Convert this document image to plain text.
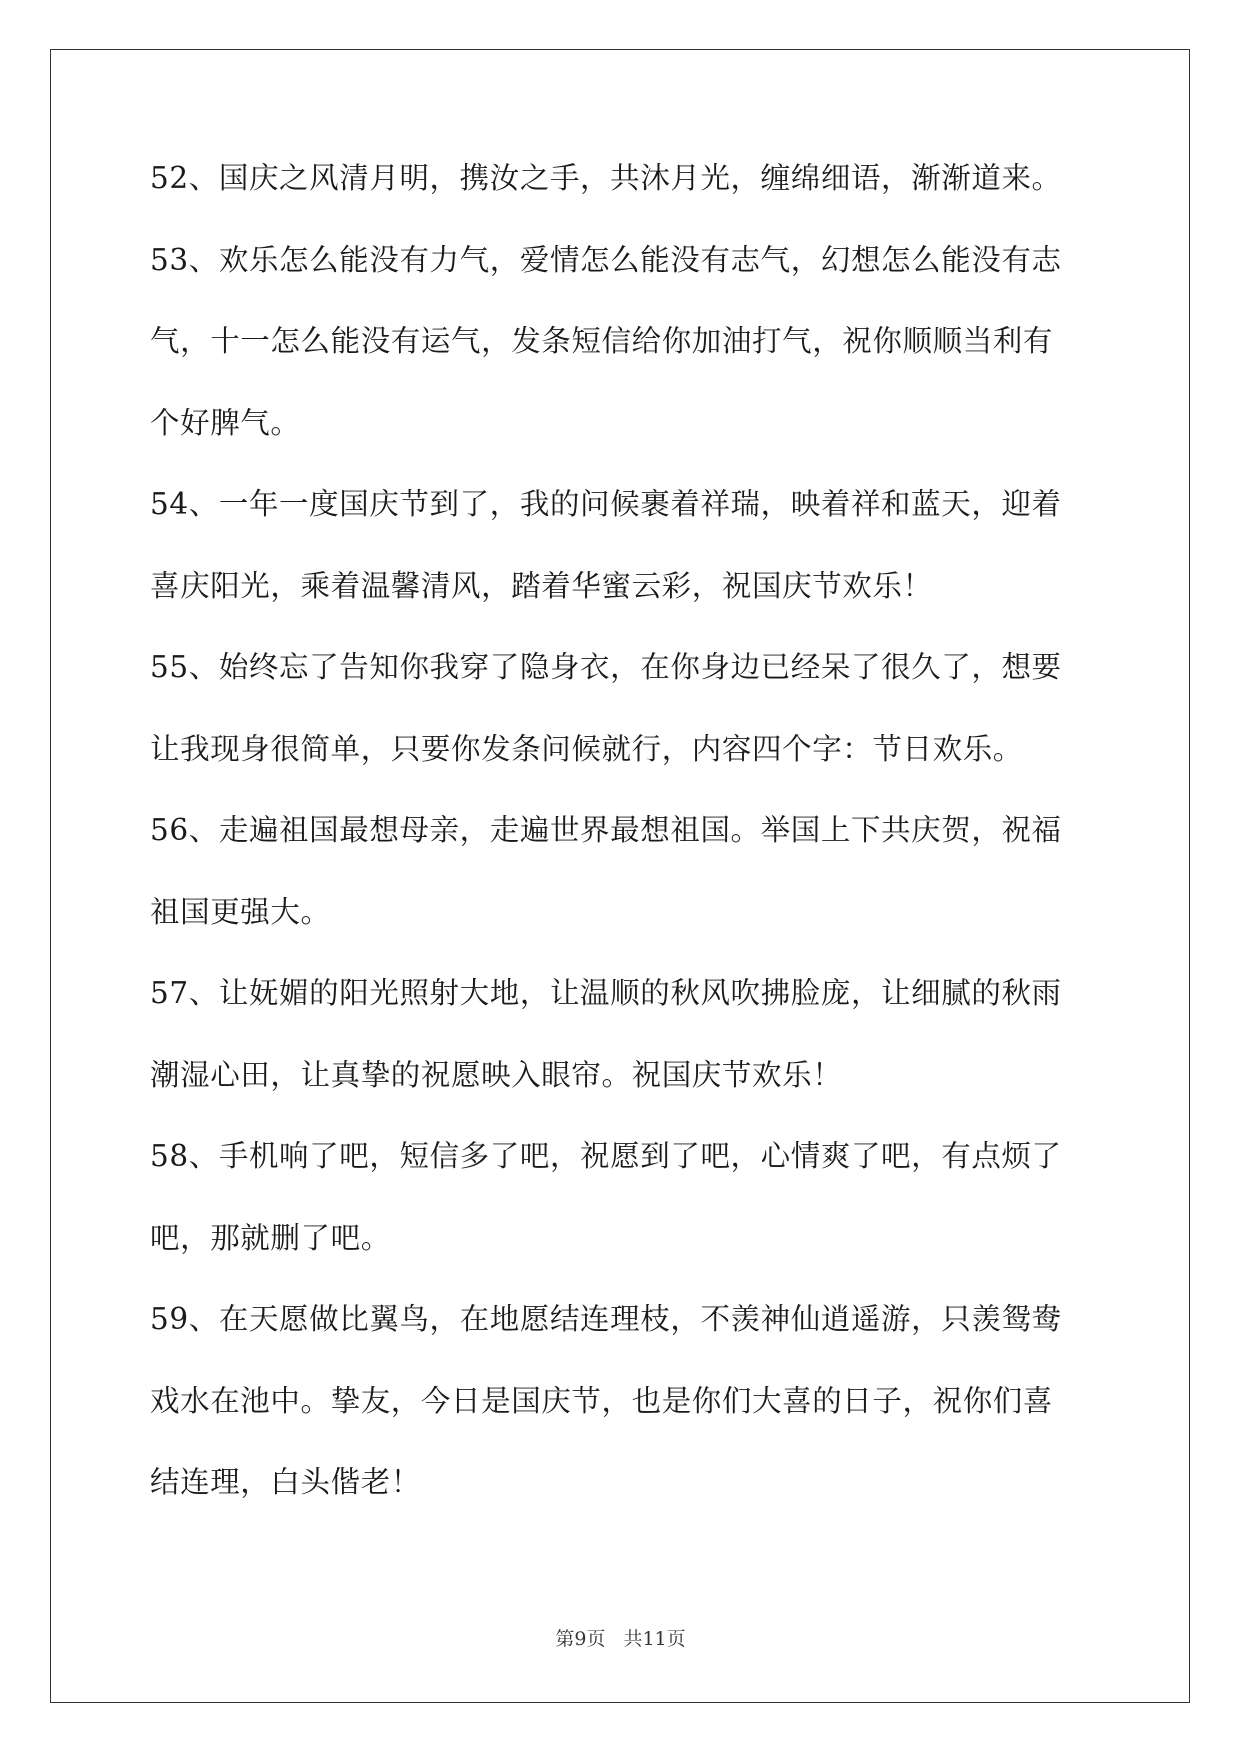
52、国庆之风清月明，携汝之手，共沐月光，缠绵细语，渐渐道来。
53、欢乐怎么能没有力气，爱情怎么能没有志气，幻想怎么能没有志
气，十一怎么能没有运气，发条短信给你加油打气，祝你顺顺当利有
个好脾气。
54、一年一度国庆节到了，我的问候裹着祥瑞，映着祥和蓝天，迎着
喜庆阳光，乘着温馨清风，踏着华蜜云彩，祝国庆节欢乐！
55、始终忘了告知你我穿了隐身衣，在你身边已经呆了很久了，想要
让我现身很简单，只要你发条问候就行，内容四个字：节日欢乐。
56、走遍祖国最想母亲，走遍世界最想祖国。举国上下共庆贺，祝福
祖国更强大。
57、让妩媚的阳光照射大地，让温顺的秋风吹拂脸庞，让细腻的秋雨
潮湿心田，让真挚的祝愿映入眼帘。祝国庆节欢乐！
58、手机响了吧，短信多了吧，祝愿到了吧，心情爽了吧，有点烦了
吧，那就删了吧。
59、在天愿做比翼鸟，在地愿结连理枝，不羡神仙逍遥游，只羡鸳鸯
戏水在池中。挚友，今日是国庆节，也是你们大喜的日子，祝你们喜
结连理，白头偕老！
第9页 共11页
